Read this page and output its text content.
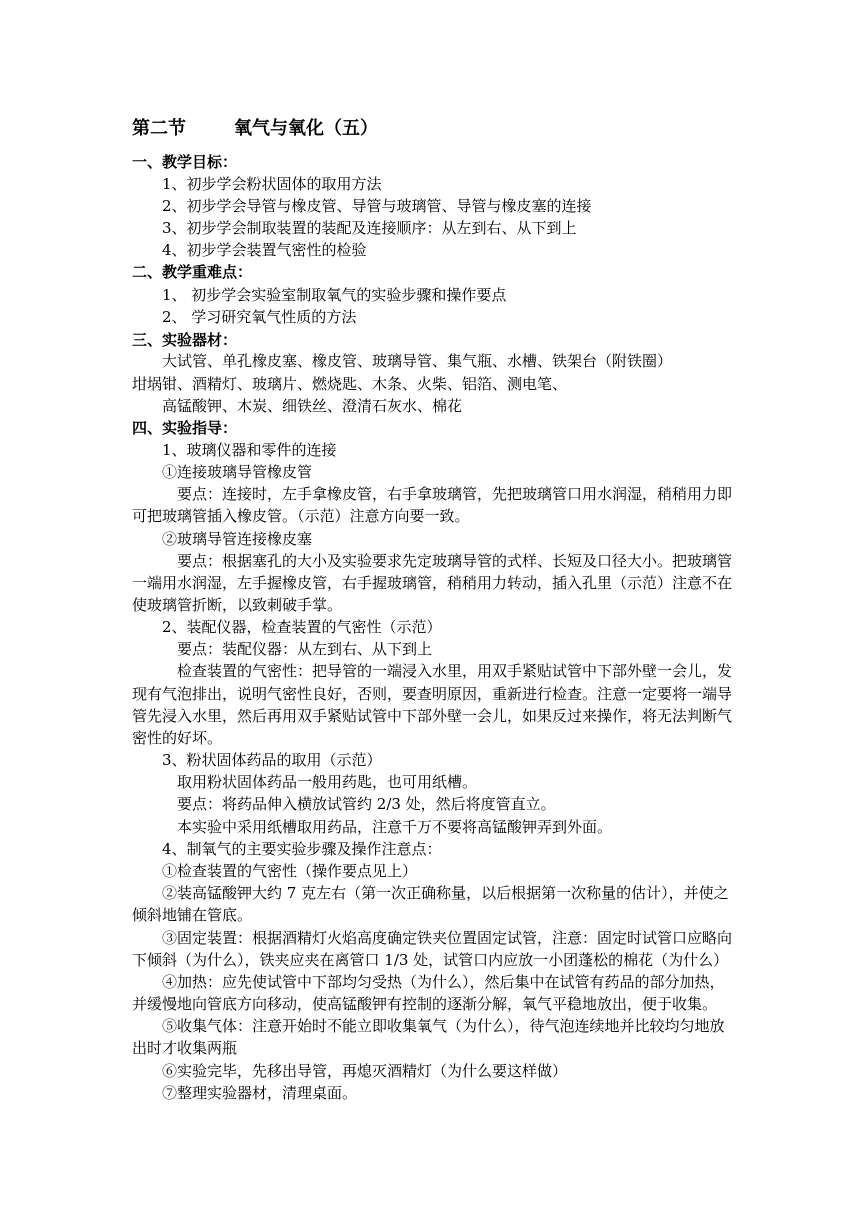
第二节	氧气与氧化（五）
一、教学目标：
1、初步学会粉状固体的取用方法
2、初步学会导管与橡皮管、导管与玻璃管、导管与橡皮塞的连接
3、初步学会制取装置的装配及连接顺序：从左到右、从下到上
4、初步学会装置气密性的检验
二、教学重难点：
1、 初步学会实验室制取氧气的实验步骤和操作要点
2、 学习研究氧气性质的方法
三、实验器材：
大试管、单孔橡皮塞、橡皮管、玻璃导管、集气瓶、水槽、铁架台（附铁圈）
坩埚钳、酒精灯、玻璃片、燃烧匙、木条、火柴、铝箔、测电笔、
高锰酸钾、木炭、细铁丝、澄清石灰水、棉花
四、实验指导：
1、玻璃仪器和零件的连接
①连接玻璃导管橡皮管
要点：连接时，左手拿橡皮管，右手拿玻璃管，先把玻璃管口用水润湿，稍稍用力即
可把玻璃管插入橡皮管。（示范）注意方向要一致。
②玻璃导管连接橡皮塞
要点：根据塞孔的大小及实验要求先定玻璃导管的式样、长短及口径大小。把玻璃管
一端用水润湿，左手握橡皮管，右手握玻璃管，稍稍用力转动，插入孔里（示范）注意不在
使玻璃管折断，以致刺破手掌。
2、装配仪器，检查装置的气密性（示范）
要点：装配仪器：从左到右、从下到上
检查装置的气密性：把导管的一端浸入水里，用双手紧贴试管中下部外壁一会儿，发
现有气泡排出，说明气密性良好，否则，要查明原因，重新进行检查。注意一定要将一端导
管先浸入水里，然后再用双手紧贴试管中下部外壁一会儿，如果反过来操作，将无法判断气
密性的好坏。
3、粉状固体药品的取用（示范）
取用粉状固体药品一般用药匙，也可用纸槽。
要点：将药品伸入横放试管约 2/3 处，然后将度管直立。
本实验中采用纸槽取用药品，注意千万不要将高锰酸钾弄到外面。
4、制氧气的主要实验步骤及操作注意点：
①检查装置的气密性（操作要点见上）
②装高锰酸钾大约 7 克左右（第一次正确称量，以后根据第一次称量的估计），并使之
倾斜地铺在管底。
③固定装置：根据酒精灯火焰高度确定铁夹位置固定试管，注意：固定时试管口应略向
下倾斜（为什么），铁夹应夹在离管口 1/3 处，试管口内应放一小团蓬松的棉花（为什么）
④加热：应先使试管中下部均匀受热（为什么），然后集中在试管有药品的部分加热，
并缓慢地向管底方向移动，使高锰酸钾有控制的逐渐分解，氧气平稳地放出，便于收集。
⑤收集气体：注意开始时不能立即收集氧气（为什么），待气泡连续地并比较均匀地放
出时才收集两瓶
⑥实验完毕，先移出导管，再熄灭酒精灯（为什么要这样做）
⑦整理实验器材，清理桌面。
